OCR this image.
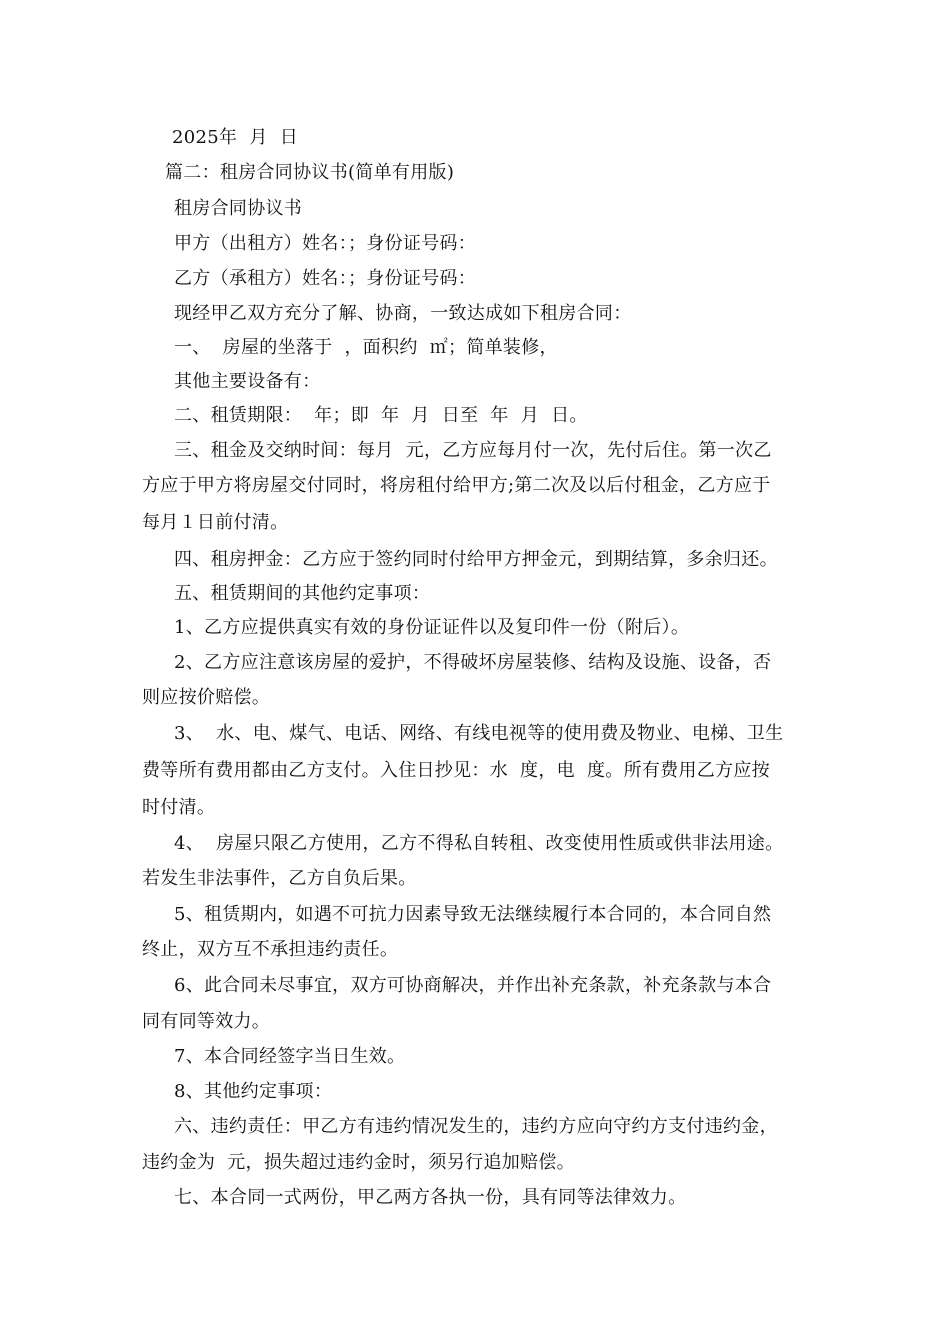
2025年  月  日
篇二：租房合同协议书(简单有用版)
租房合同协议书
甲方（出租方）姓名：；身份证号码：
乙方（承租方）姓名：；身份证号码：
现经甲乙双方充分了解、协商，一致达成如下租房合同：
一、  房屋的坐落于  ，面积约  ㎡；简单装修，
其他主要设备有：
二、租赁期限：  年；即  年  月  日至  年  月  日。
三、租金及交纳时间：每月  元，乙方应每月付一次，先付后住。第一次乙
方应于甲方将房屋交付同时，将房租付给甲方;第二次及以后付租金，乙方应于
每月１日前付清。
四、租房押金：乙方应于签约同时付给甲方押金元，到期结算，多余归还。
五、租赁期间的其他约定事项：
1、乙方应提供真实有效的身份证证件以及复印件一份（附后）。
2、乙方应注意该房屋的爱护，不得破坏房屋装修、结构及设施、设备，否
则应按价赔偿。
3、  水、电、煤气、电话、网络、有线电视等的使用费及物业、电梯、卫生
费等所有费用都由乙方支付。入住日抄见：水  度，电  度。所有费用乙方应按
时付清。
4、  房屋只限乙方使用，乙方不得私自转租、改变使用性质或供非法用途。
若发生非法事件，乙方自负后果。
5、租赁期内，如遇不可抗力因素导致无法继续履行本合同的，本合同自然
终止，双方互不承担违约责任。
6、此合同未尽事宜，双方可协商解决，并作出补充条款，补充条款与本合
同有同等效力。
7、本合同经签字当日生效。
8、其他约定事项：
六、违约责任：甲乙方有违约情况发生的，违约方应向守约方支付违约金，
违约金为  元，损失超过违约金时，须另行追加赔偿。
七、本合同一式两份，甲乙两方各执一份，具有同等法律效力。
